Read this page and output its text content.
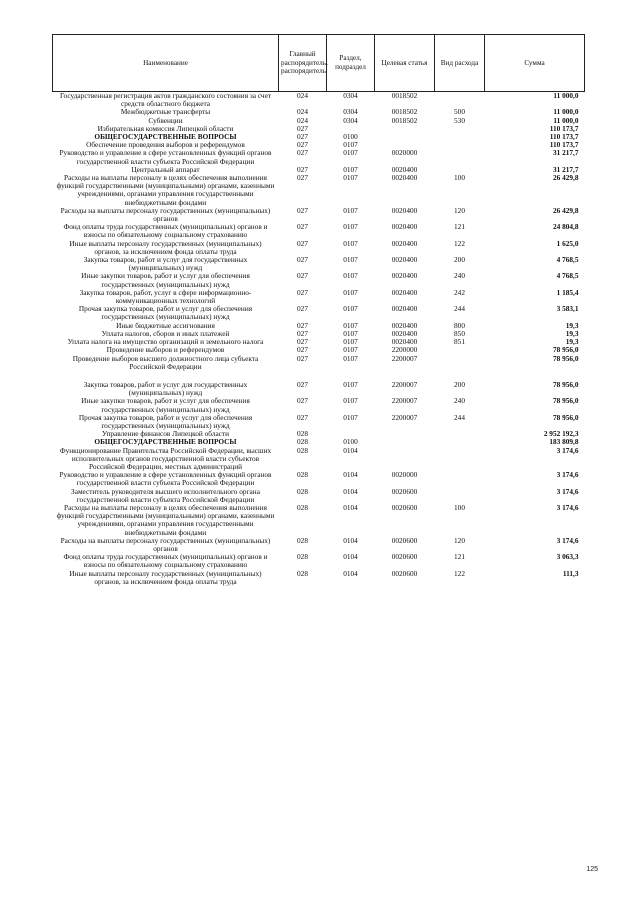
Наименование	Главный распорядитель, распорядитель	Раздел, подраздел	Целевая статья	Вид расхода	Сумма
Государственная регистрация актов гражданского состояния за счет средств областного бюджета	024	0304	0018502		11 000,0
Межбюджетные трансферты	024	0304	0018502	500	11 000,0
Субвенции	024	0304	0018502	530	11 000,0
Избирательная комиссия Липецкой области	027				110 173,7
ОБЩЕГОСУДАРСТВЕННЫЕ ВОПРОСЫ	027	0100			110 173,7
Обеспечение проведения выборов и референдумов	027	0107			110 173,7
Руководство и управление в сфере установленных функций органов государственной власти субъекта Российской Федерации	027	0107	0020000		31 217,7
Центральный аппарат	027	0107	0020400		31 217,7
Расходы на выплаты персоналу в целях обеспечения выполнения функций государственными (муниципальными) органами, казенными учреждениями, органами управления государственными внебюджетными фондами	027	0107	0020400	100	26 429,8
Расходы на выплаты персоналу государственных (муниципальных) органов	027	0107	0020400	120	26 429,8
Фонд оплаты труда государственных (муниципальных) органов и взносы по обязательному социальному страхованию	027	0107	0020400	121	24 804,8
Иные выплаты персоналу государственных (муниципальных) органов, за исключением фонда оплаты труда	027	0107	0020400	122	1 625,0
Закупка товаров, работ и услуг для государственных (муниципальных) нужд	027	0107	0020400	200	4 768,5
Иные закупки товаров, работ и услуг для обеспечения государственных (муниципальных) нужд	027	0107	0020400	240	4 768,5
Закупка товаров, работ, услуг в сфере информационно-коммуникационных технологий	027	0107	0020400	242	1 185,4
Прочая закупка товаров, работ и услуг для обеспечения государственных (муниципальных) нужд	027	0107	0020400	244	3 583,1
Иные бюджетные ассигнования	027	0107	0020400	800	19,3
Уплата налогов, сборов и иных платежей	027	0107	0020400	850	19,3
Уплата налога на имущество организаций и земельного налога	027	0107	0020400	851	19,3
Проведение выборов и референдумов	027	0107	2200000		78 956,0
Проведение выборов высшего должностного лица субъекта Российской Федерации	027	0107	2200007		78 956,0

Закупка товаров, работ и услуг для государственных (муниципальных) нужд	027	0107	2200007	200	78 956,0
Иные закупки товаров, работ и услуг для обеспечения государственных (муниципальных) нужд	027	0107	2200007	240	78 956,0
Прочая закупка товаров, работ и услуг для обеспечения государственных (муниципальных) нужд	027	0107	2200007	244	78 956,0
Управление финансов Липецкой области	028				2 952 192,3
ОБЩЕГОСУДАРСТВЕННЫЕ ВОПРОСЫ	028	0100			183 809,8
Функционирование Правительства Российской Федерации, высших исполнительных органов государственной власти субъектов Российской Федерации, местных администраций	028	0104			3 174,6
Руководство и управление в сфере установленных функций органов государственной власти субъекта Российской Федерации	028	0104	0020000		3 174,6
Заместитель руководителя высшего исполнительного органа государственной власти субъекта Российской Федерации	028	0104	0020600		3 174,6
Расходы на выплаты персоналу в целях обеспечения выполнения функций государственными (муниципальными) органами, казенными учреждениями, органами управления государственными внебюджетными фондами	028	0104	0020600	100	3 174,6
Расходы на выплаты персоналу государственных (муниципальных) органов	028	0104	0020600	120	3 174,6
Фонд оплаты труда государственных (муниципальных) органов и взносы по обязательному социальному страхованию	028	0104	0020600	121	3 063,3
Иные выплаты персоналу государственных (муниципальных) органов, за исключением фонда оплаты труда	028	0104	0020600	122	111,3
125
